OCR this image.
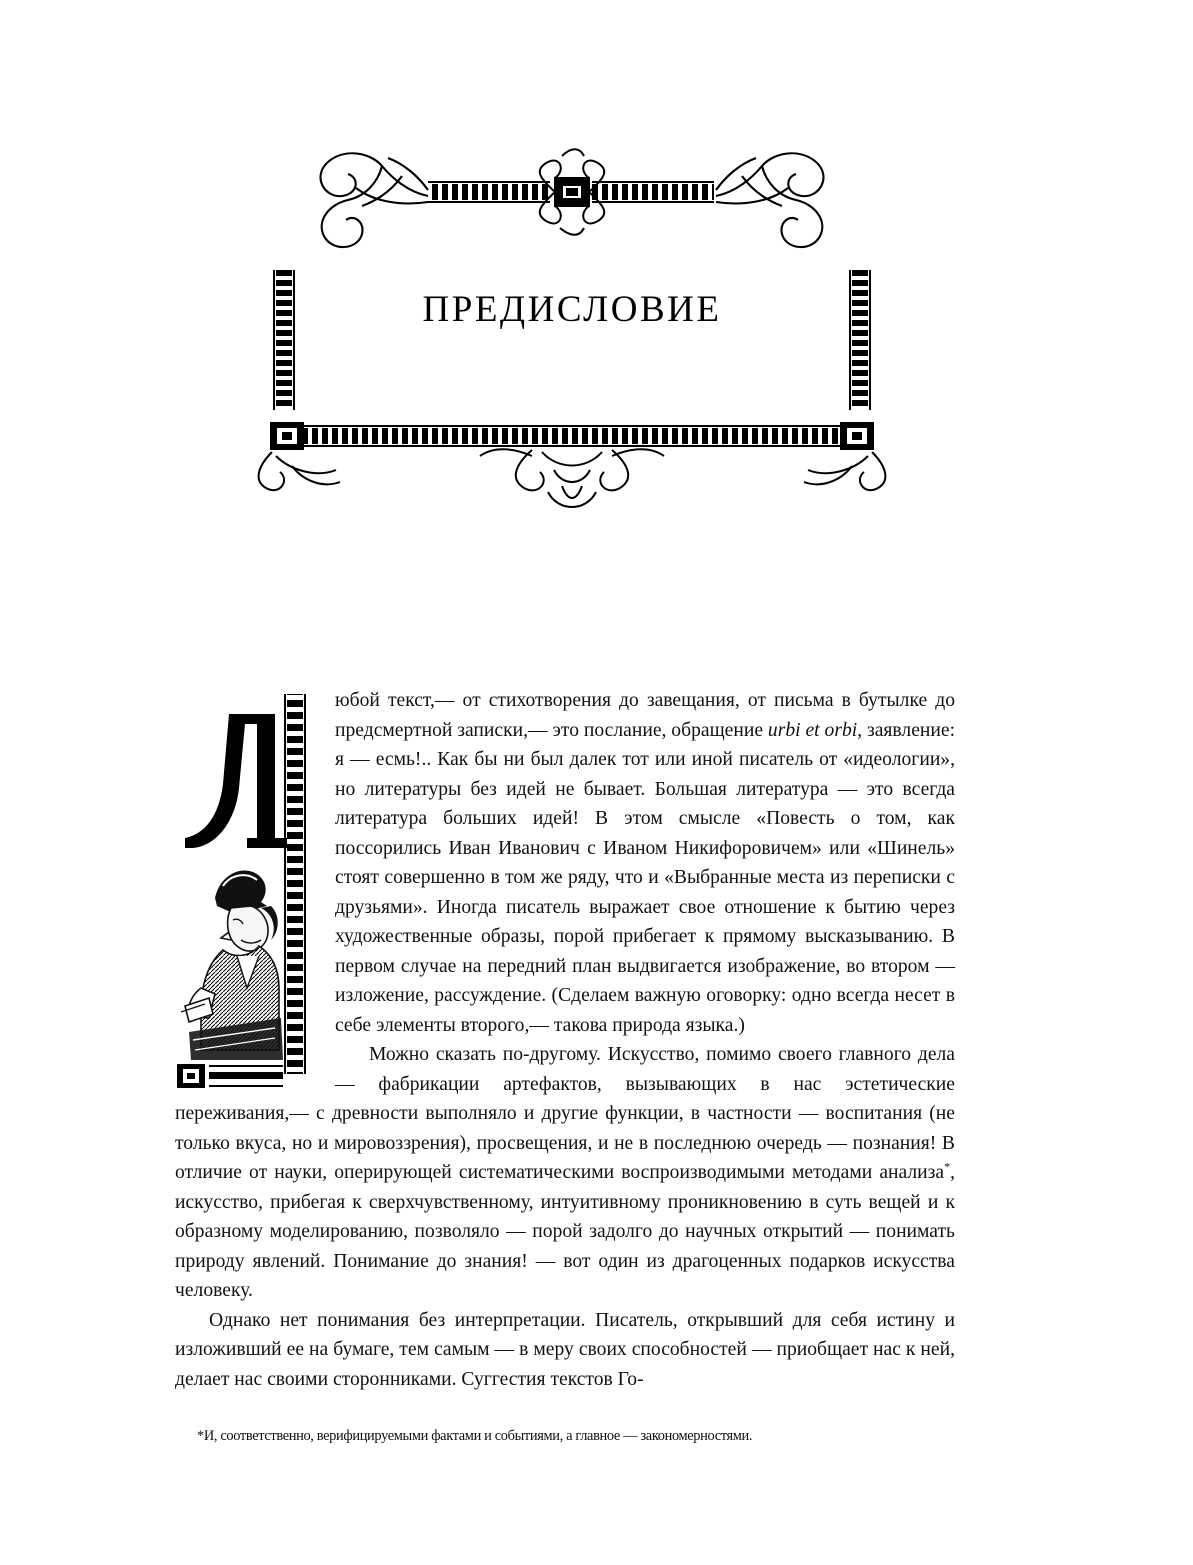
ПРЕДИСЛОВИЕ

юбой текст,— от стихотворения до завещания, от письма в бутылке до предсмертной записки,— это послание, обращение urbi et orbi, заявление: я — есмь!.. Как бы ни был далек тот или иной писатель от «идеологии», но литературы без идей не бывает. Большая литература — это всегда литература больших идей! В этом смысле «Повесть о том, как поссорились Иван Иванович с Иваном Никифоровичем» или «Шинель» стоят совершенно в том же ряду, что и «Выбранные места из переписки с друзьями». Иногда писатель выражает свое отношение к бытию через художественные образы, порой прибегает к прямому высказыванию. В первом случае на передний план выдвигается изображение, во втором — изложение, рассуждение. (Сделаем важную оговорку: одно всегда несет в себе элементы второго,— такова природа языка.)

Можно сказать по-другому. Искусство, помимо своего главного дела — фабрикации артефактов, вызывающих в нас эстетические переживания,— с древности выполняло и другие функции, в частности — воспитания (не только вкуса, но и мировоззрения), просвещения, и не в последнюю очередь — познания! В отличие от науки, оперирующей систематическими воспроизводимыми методами анализа*, искусство, прибегая к сверхчувственному, интуитивному проникновению в суть вещей и к образному моделированию, позволяло — порой задолго до научных открытий — понимать природу явлений. Понимание до знания! — вот один из драгоценных подарков искусства человеку.

Однако нет понимания без интерпретации. Писатель, открывший для себя истину и изложивший ее на бумаге, тем самым — в меру своих способностей — приобщает нас к ней, делает нас своими сторонниками. Суггестия текстов Го-

*И, соответственно, верифицируемыми фактами и событиями, а главное — закономерностями.
